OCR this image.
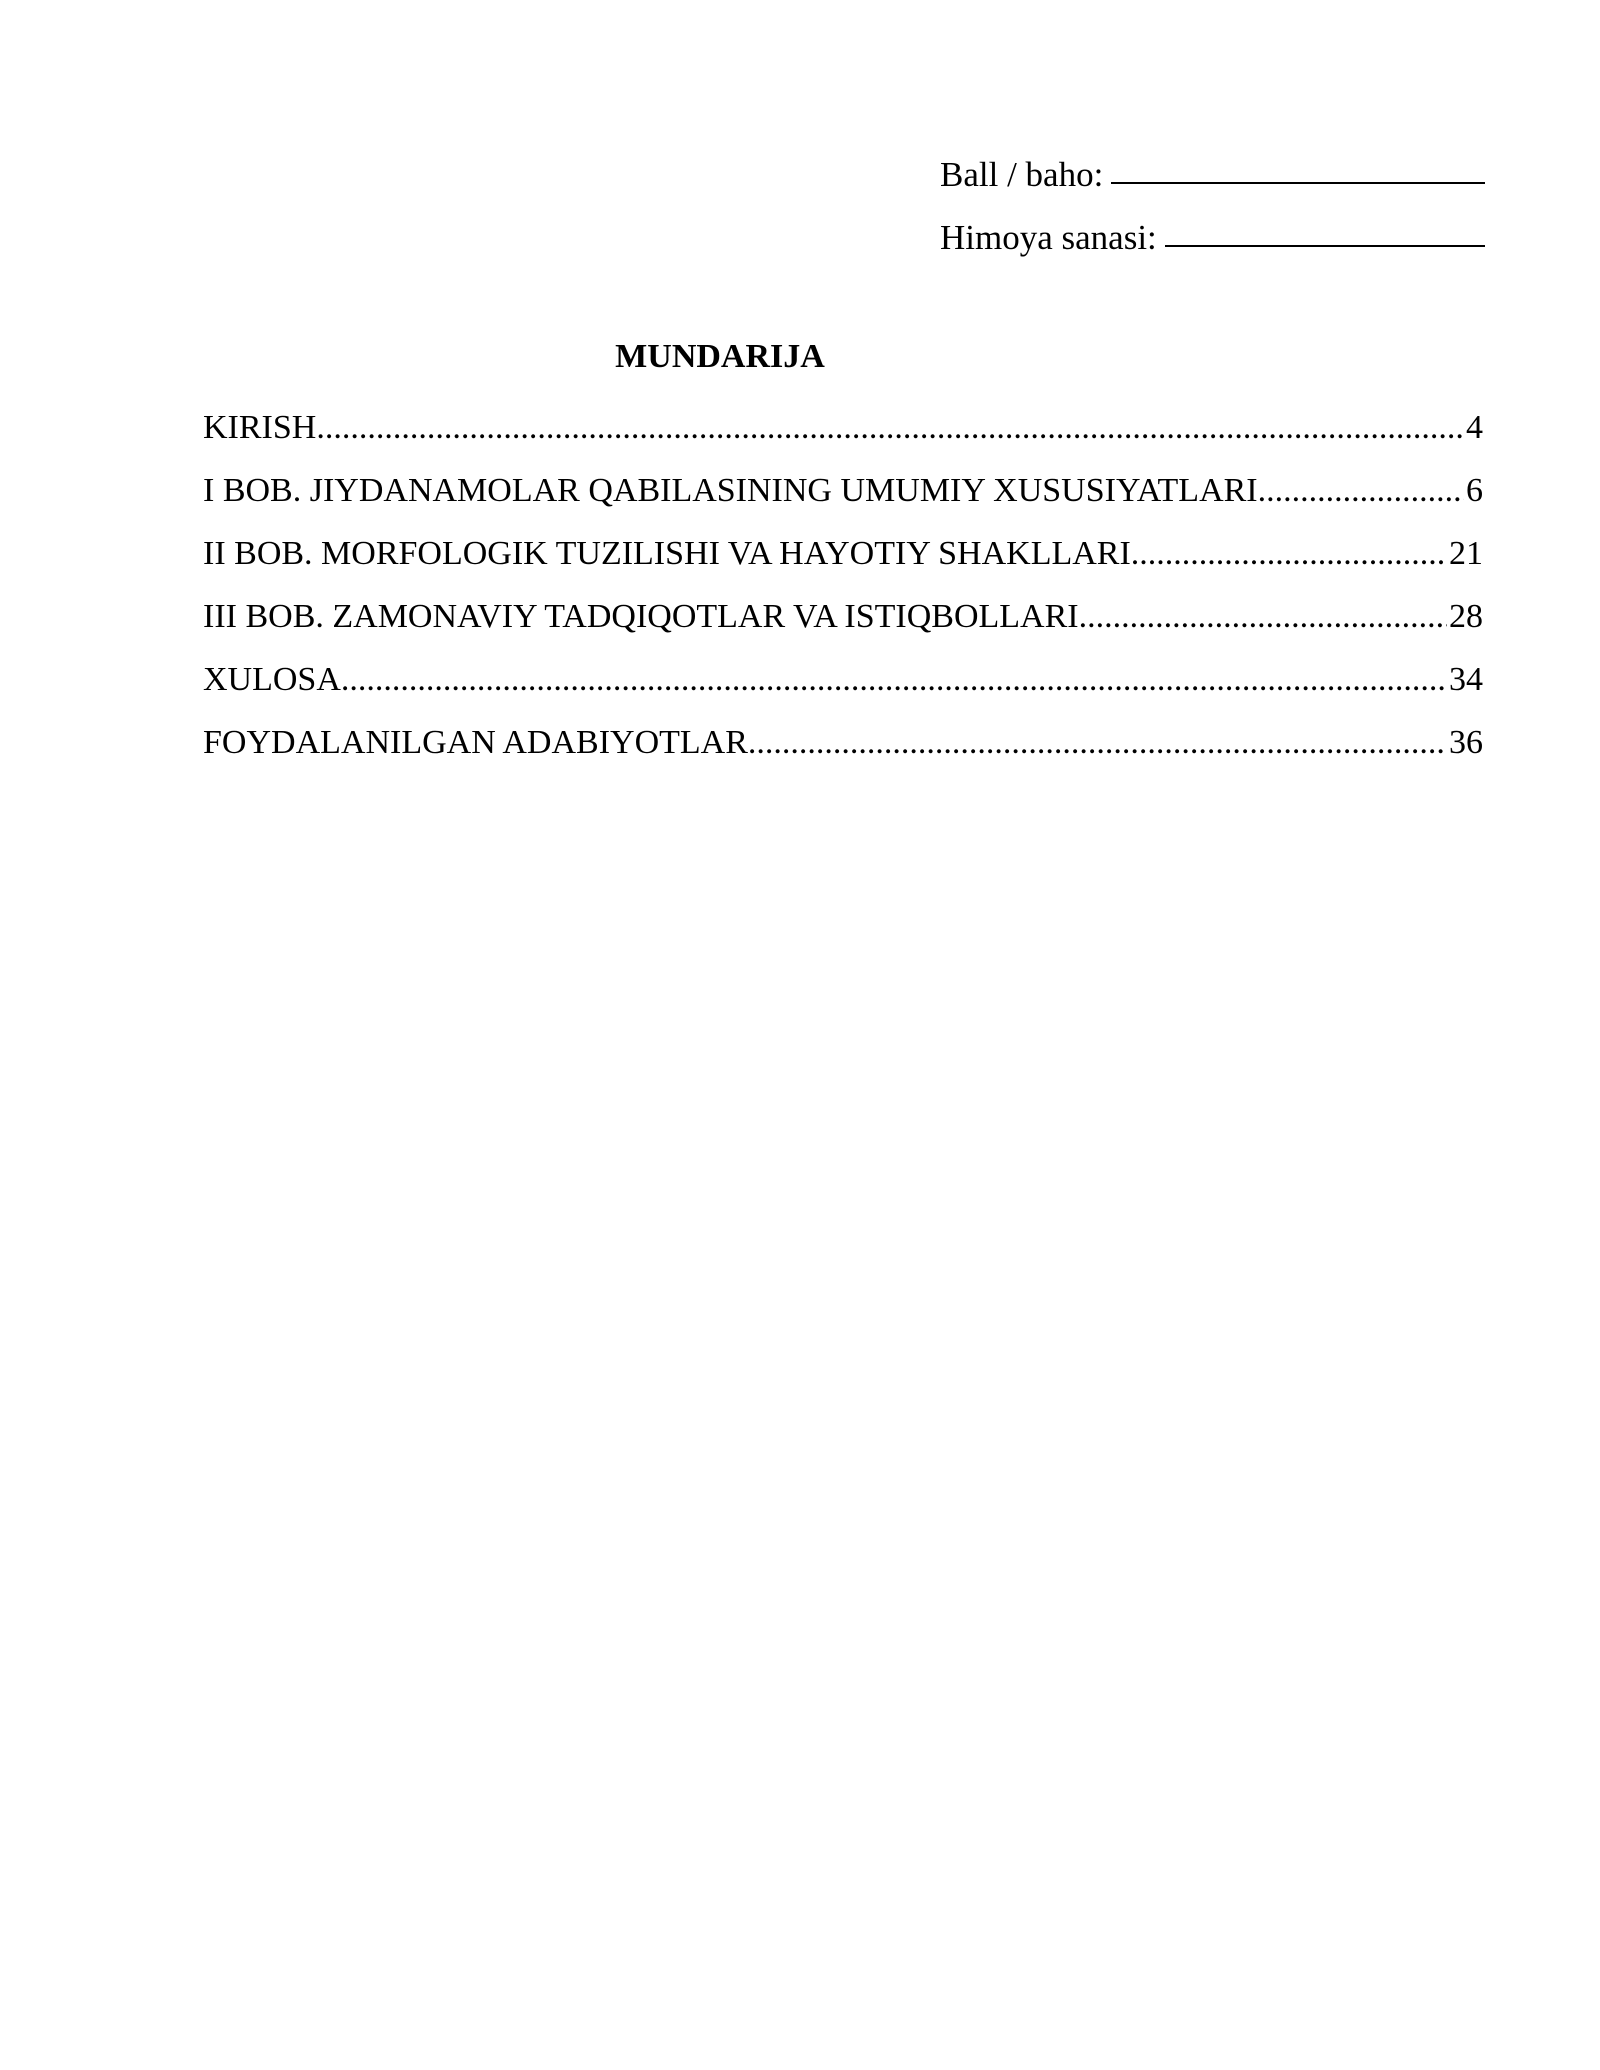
Ball / baho:
Himoya sanasi:
MUNDARIJA
KIRISH .....	4
I BOB. JIYDANAMOLAR QABILASINING UMUMIY XUSUSIYATLARI .....	6
II BOB. MORFOLOGIK TUZILISHI VA HAYOTIY SHAKLLARI .....	21
III BOB. ZAMONAVIY TADQIQOTLAR VA ISTIQBOLLARI .....	28
XULOSA .....	34
FOYDALANILGAN ADABIYOTLAR .....	36
